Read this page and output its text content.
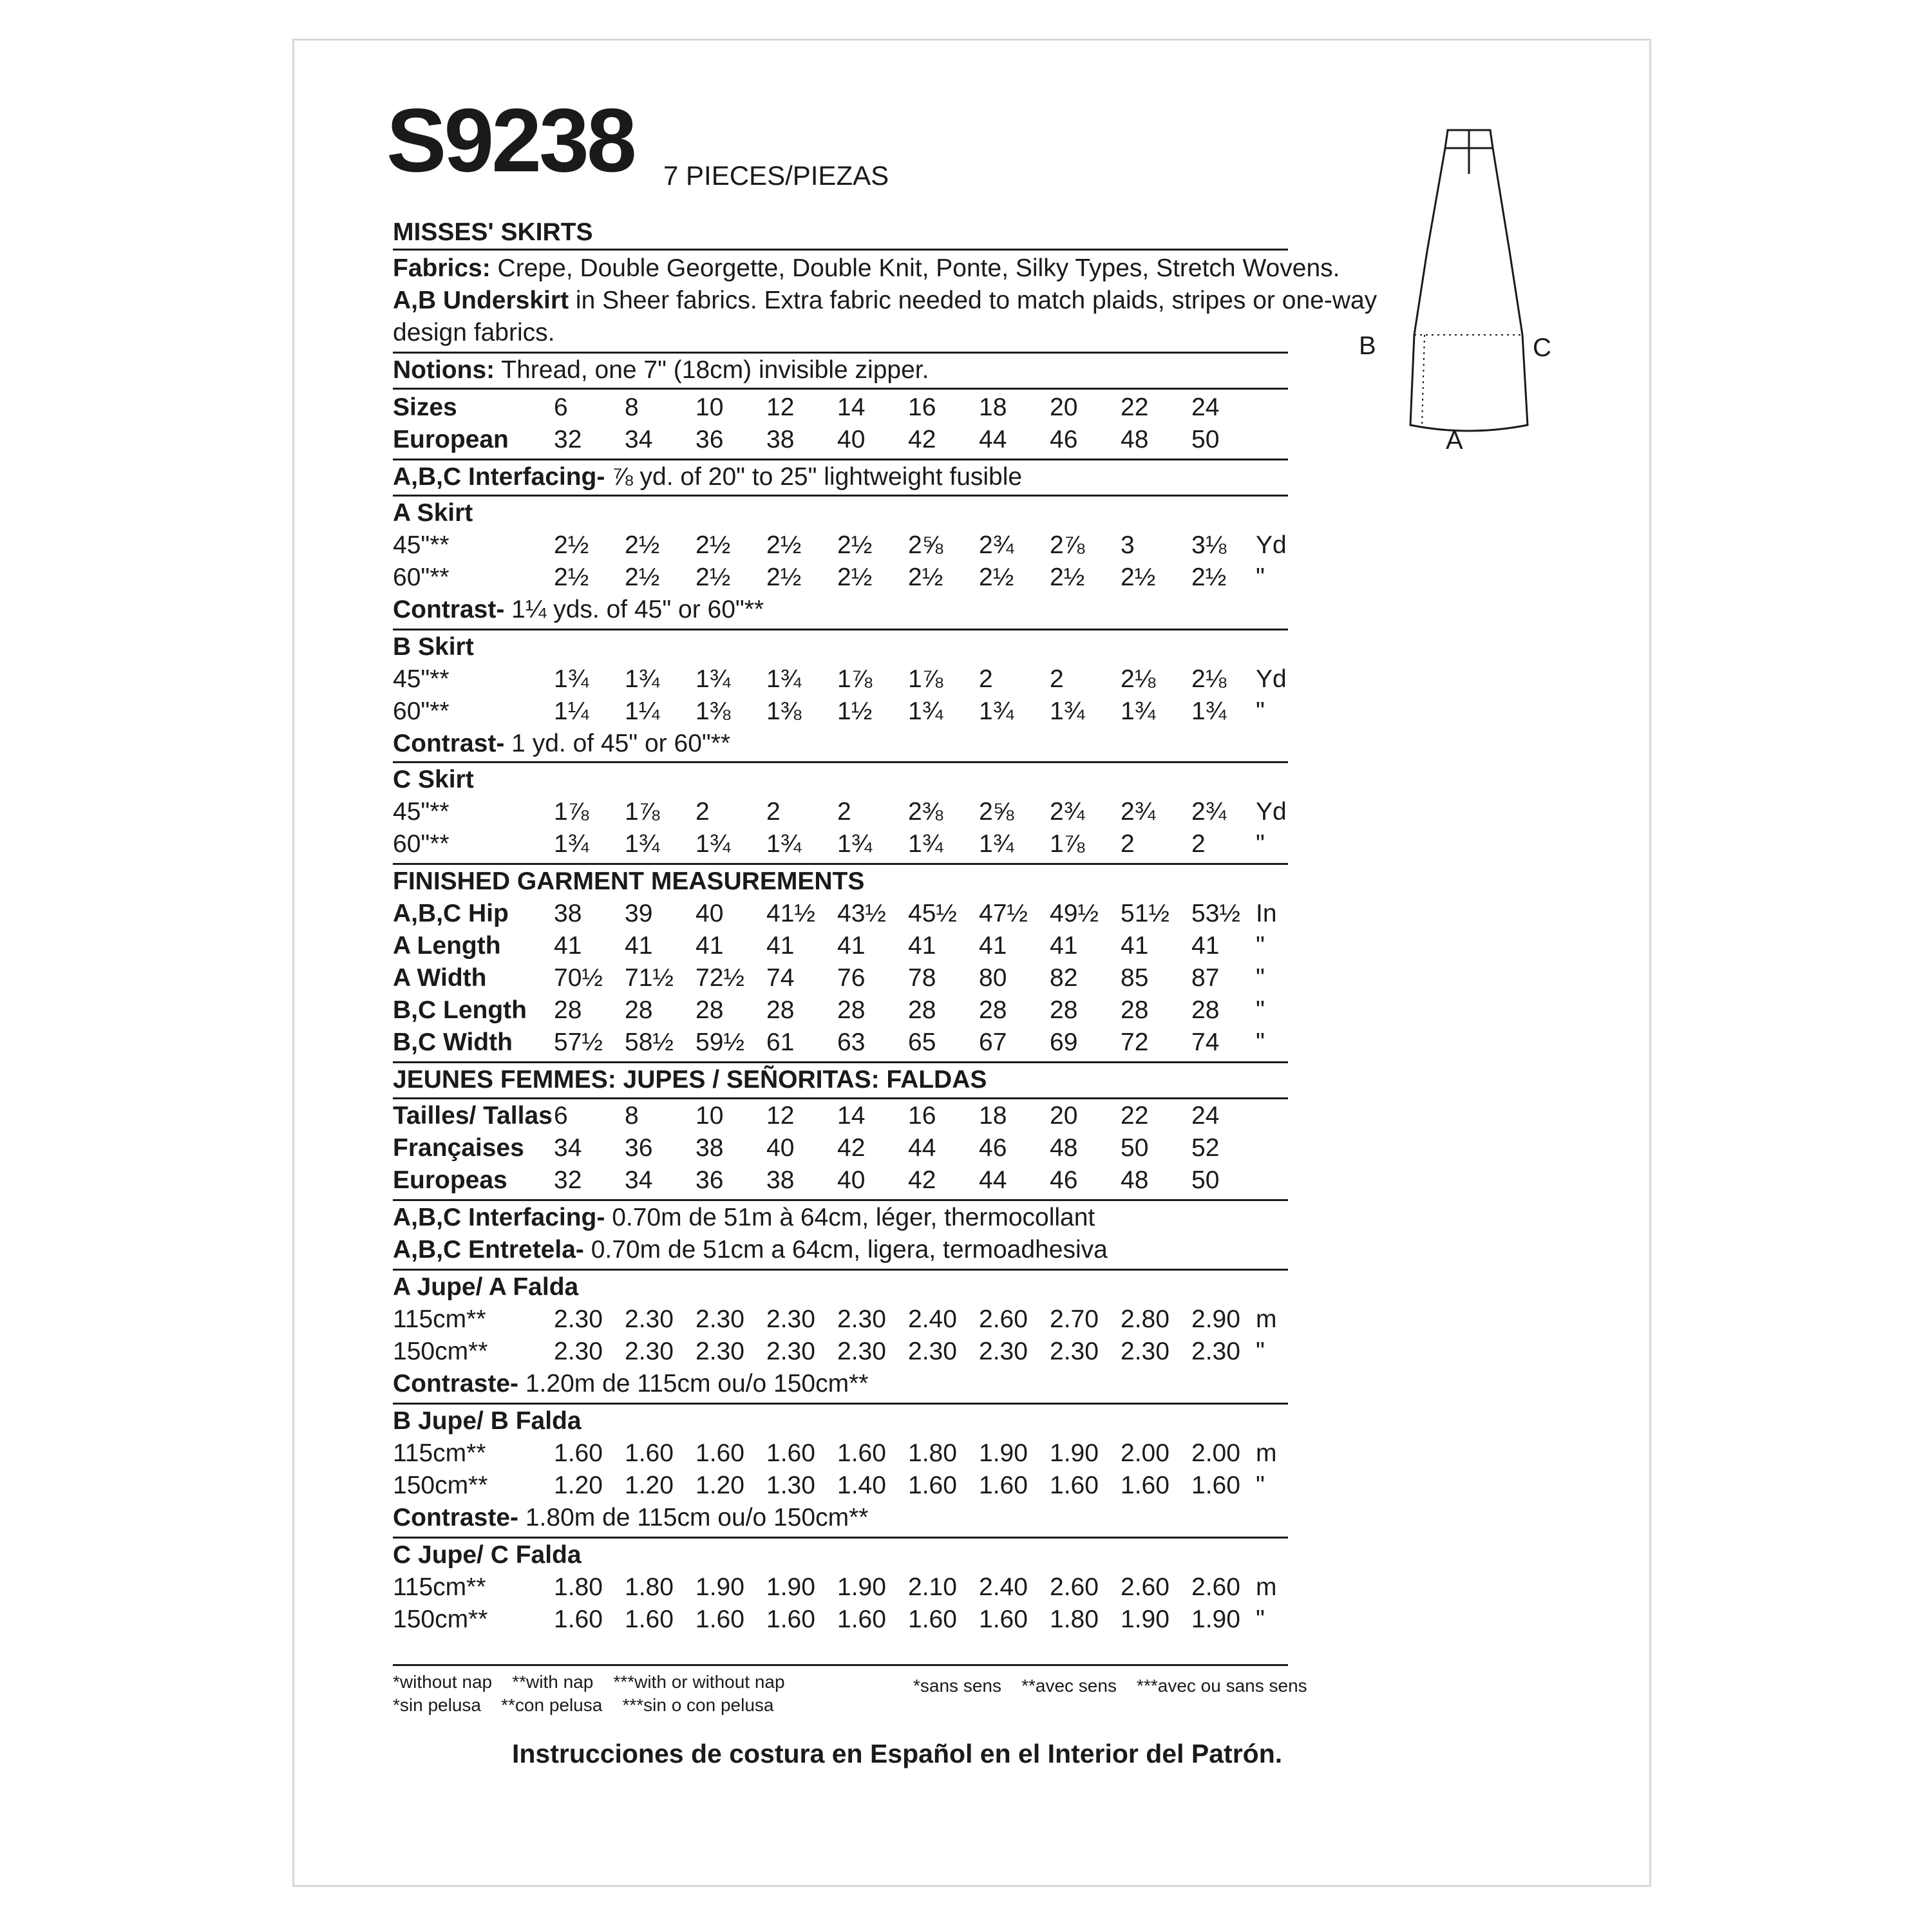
S9238 7 PIECES/PIEZAS
B	C
A
MISSES' SKIRTS
Fabrics: Crepe, Double Georgette, Double Knit, Ponte, Silky Types, Stretch Wovens.
A,B Underskirt in Sheer fabrics. Extra fabric needed to match plaids, stripes or one-way
design fabrics.
Notions: Thread, one 7" (18cm) invisible zipper.
Sizes	6 8 10 12 14 16 18 20 22 24
European 32 34 36 38 40 42 44 46 48 50
A,B,C Interfacing- ⅞ yd. of 20" to 25" lightweight fusible
A Skirt
45"**	2½ 2½ 2½ 2½ 2½ 2⅝ 2¾ 2⅞ 3 3⅛ Yd
60"**	2½ 2½ 2½ 2½ 2½ 2½ 2½ 2½ 2½ 2½ "
Contrast- 1¼ yds. of 45" or 60"**
B Skirt
45"**	1¾ 1¾ 1¾ 1¾ 1⅞ 1⅞ 2 2 2⅛ 2⅛ Yd
60"**	1¼ 1¼ 1⅜ 1⅜ 1½ 1¾ 1¾ 1¾ 1¾ 1¾ "
Contrast- 1 yd. of 45" or 60"**
C Skirt
45"**	1⅞ 1⅞ 2 2 2 2⅜ 2⅝ 2¾ 2¾ 2¾ Yd
60"**	1¾ 1¾ 1¾ 1¾ 1¾ 1¾ 1¾ 1⅞ 2 2 "
FINISHED GARMENT MEASUREMENTS
A,B,C Hip 38 39 40 41½ 43½ 45½ 47½ 49½ 51½ 53½ In
A Length 41 41 41 41 41 41 41 41 41 41 "
A Width	70½ 71½ 72½ 74 76 78 80 82 85 87 "
B,C Length 28 28 28 28 28 28 28 28 28 28 "
B,C Width 57½ 58½ 59½ 61 63 65 67 69 72 74 "
JEUNES FEMMES: JUPES / SEÑORITAS: FALDAS
Tailles/ Tallas 6 8 10 12 14 16 18 20 22 24
Françaises 34 36 38 40 42 44 46 48 50 52
Europeas 32 34 36 38 40 42 44 46 48 50
A,B,C Interfacing- 0.70m de 51m à 64cm, léger, thermocollant
A,B,C Entretela- 0.70m de 51cm a 64cm, ligera, termoadhesiva
A Jupe/ A Falda
115cm**	2.30 2.30 2.30 2.30 2.30 2.40 2.60 2.70 2.80 2.90 m
150cm**	2.30 2.30 2.30 2.30 2.30 2.30 2.30 2.30 2.30 2.30 "
Contraste- 1.20m de 115cm ou/o 150cm**
B Jupe/ B Falda
115cm**	1.60 1.60 1.60 1.60 1.60 1.80 1.90 1.90 2.00 2.00 m
150cm**	1.20 1.20 1.20 1.30 1.40 1.60 1.60 1.60 1.60 1.60 "
Contraste- 1.80m de 115cm ou/o 150cm**
C Jupe/ C Falda
115cm**	1.80 1.80 1.90 1.90 1.90 2.10 2.40 2.60 2.60 2.60 m
150cm**	1.60 1.60 1.60 1.60 1.60 1.60 1.60 1.80 1.90 1.90 "
*without nap    **with nap    ***with or without nap
*sin pelusa    **con pelusa    ***sin o con pelusa
*sans sens    **avec sens    ***avec ou sans sens
Instrucciones de costura en Español en el Interior del Patrón.
